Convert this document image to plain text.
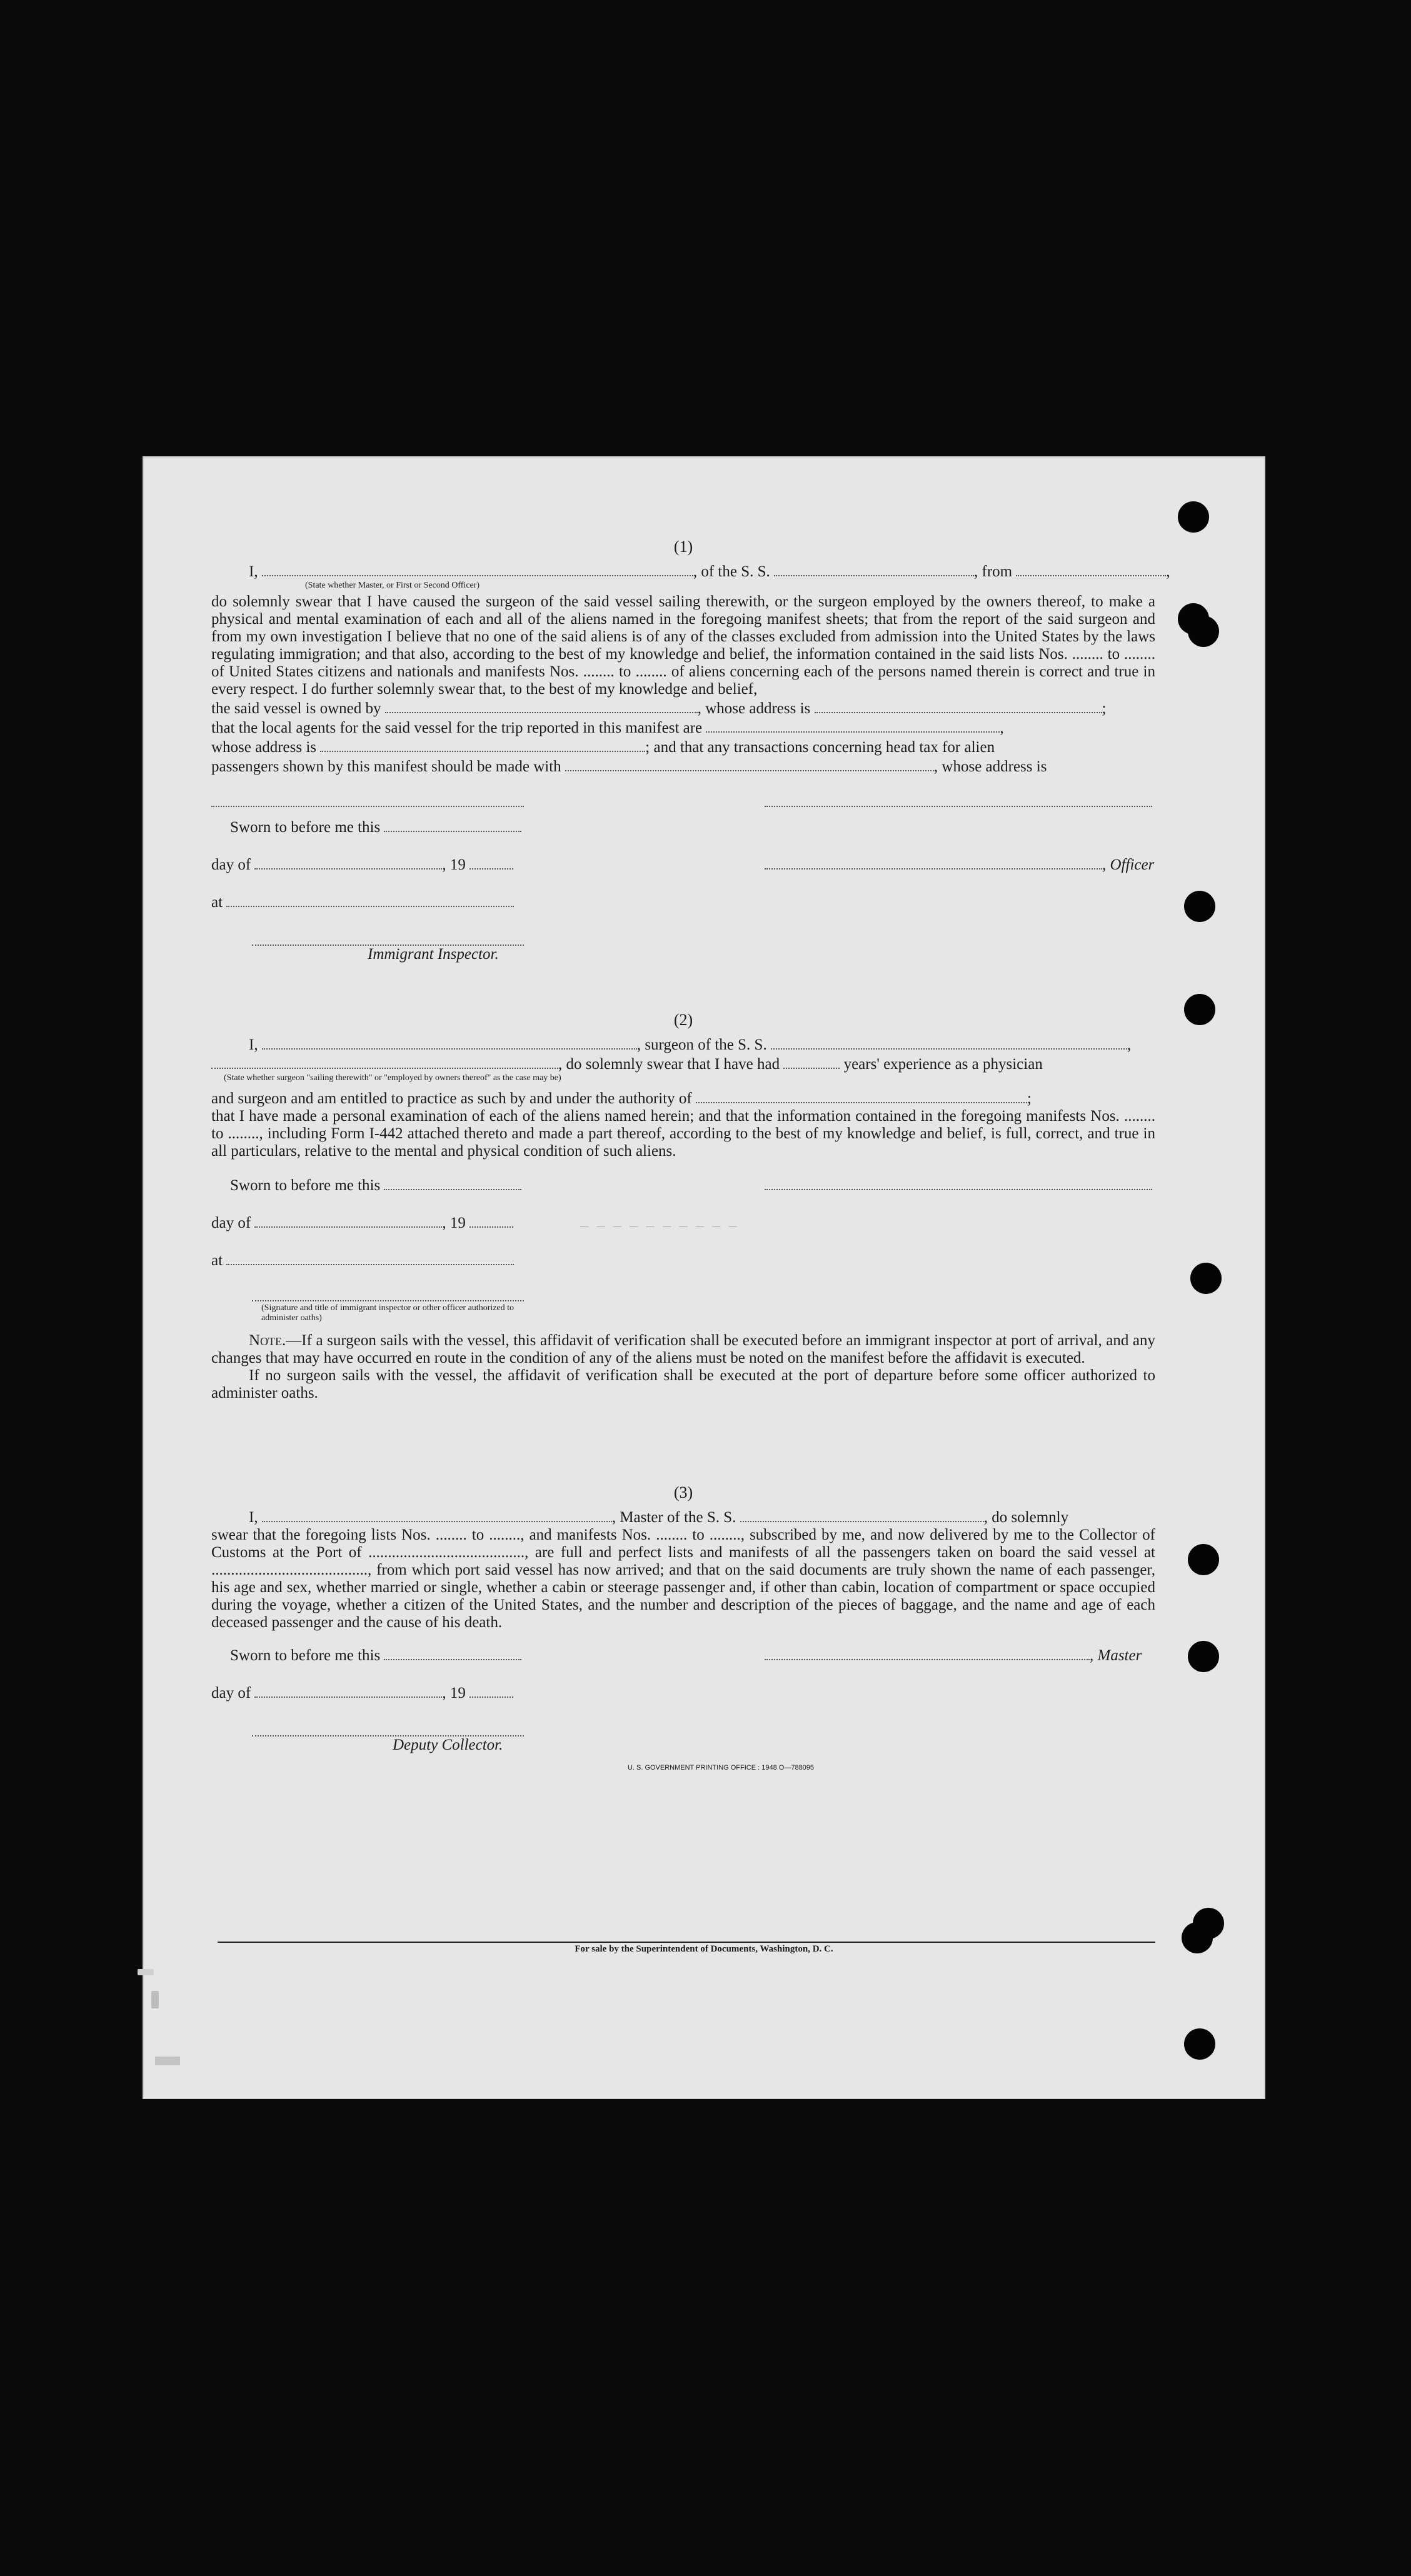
— — — — — — — — — —
(1)
I,	, of the S. S.	, from	,
(State whether Master, or First or Second Officer)

do solemnly swear that I have caused the surgeon of the said vessel sailing therewith, or the surgeon employed by the owners thereof, to make a physical and mental examination of each and all of the aliens named in the foregoing manifest sheets; that from the report of the said surgeon and from my own investigation I believe that no one of the said aliens is of any of the classes excluded from admission into the United States by the laws regulating immigration; and that also, according to the best of my knowledge and belief, the information contained in the said lists Nos. ........ to ........ of United States citizens and nationals and manifests Nos. ........ to ........ of aliens concerning each of the persons named therein is correct and true in every respect. I do further solemnly swear that, to the best of my knowledge and belief,

the said vessel is owned by	, whose address is	;
that the local agents for the said vessel for the trip reported in this manifest are	,
whose address is	; and that any transactions concerning head tax for alien
passengers shown by this manifest should be made with	, whose address is
Sworn to before me this
day of	, 19	, Officer
at
Immigrant Inspector.
(2)
I,	, surgeon of the S. S.	,
, do solemnly swear that I have had	years' experience as a physician
(State whether surgeon "sailing therewith" or "employed by owners thereof" as the case may be)
and surgeon and am entitled to practice as such by and under the authority of	;

that I have made a personal examination of each of the aliens named herein; and that the information contained in the foregoing manifests Nos. ........ to ........, including Form I-442 attached thereto and made a part thereof, according to the best of my knowledge and belief, is full, correct, and true in all particulars, relative to the mental and physical condition of such aliens.

Sworn to before me this
day of	, 19
at
(Signature and title of immigrant inspector or other officer authorized to administer oaths)

Note.—If a surgeon sails with the vessel, this affidavit of verification shall be executed before an immigrant inspector at port of arrival, and any changes that may have occurred en route in the condition of any of the aliens must be noted on the manifest before the affidavit is executed.

If no surgeon sails with the vessel, the affidavit of verification shall be executed at the port of departure before some officer authorized to administer oaths.

(3)
I,	, Master of the S. S.	, do solemnly

swear that the foregoing lists Nos. ........ to ........, and manifests Nos. ........ to ........, subscribed by me, and now delivered by me to the Collector of Customs at the Port of ........................................, are full and perfect lists and manifests of all the passengers taken on board the said vessel at ........................................, from which port said vessel has now arrived; and that on the said documents are truly shown the name of each passenger, his age and sex, whether married or single, whether a cabin or steerage passenger and, if other than cabin, location of compartment or space occupied during the voyage, whether a citizen of the United States, and the number and description of the pieces of baggage, and the name and age of each deceased passenger and the cause of his death.

Sworn to before me this	, Master
day of	, 19
Deputy Collector.
U. S. GOVERNMENT PRINTING OFFICE : 1948 O—788095
For sale by the Superintendent of Documents, Washington, D. C.
